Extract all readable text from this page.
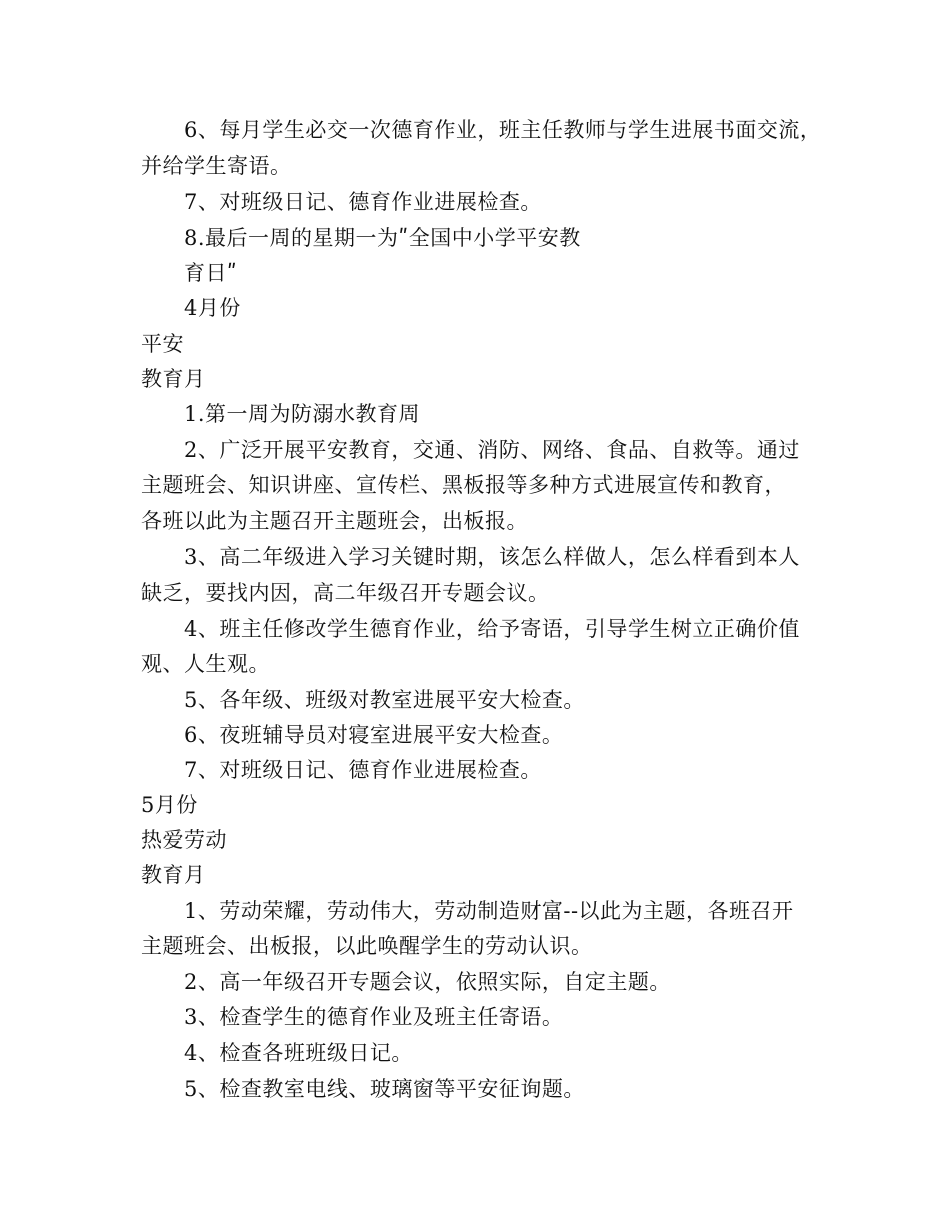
6、每月学生必交一次德育作业，班主任教师与学生进展书面交流，
并给学生寄语。
7、对班级日记、德育作业进展检查。
8.最后一周的星期一为ʺ全国中小学平安教
育日ʺ
4月份
平安
教育月
1.第一周为防溺水教育周
2、广泛开展平安教育，交通、消防、网络、食品、自救等。通过
主题班会、知识讲座、宣传栏、黑板报等多种方式进展宣传和教育，
各班以此为主题召开主题班会，出板报。
3、高二年级进入学习关键时期，该怎么样做人，怎么样看到本人
缺乏，要找内因，高二年级召开专题会议。
4、班主任修改学生德育作业，给予寄语，引导学生树立正确价值
观、人生观。
5、各年级、班级对教室进展平安大检查。
6、夜班辅导员对寝室进展平安大检查。
7、对班级日记、德育作业进展检查。
5月份
热爱劳动
教育月
1、劳动荣耀，劳动伟大，劳动制造财富--以此为主题，各班召开
主题班会、出板报，以此唤醒学生的劳动认识。
2、高一年级召开专题会议，依照实际，自定主题。
3、检查学生的德育作业及班主任寄语。
4、检查各班班级日记。
5、检查教室电线、玻璃窗等平安征询题。
